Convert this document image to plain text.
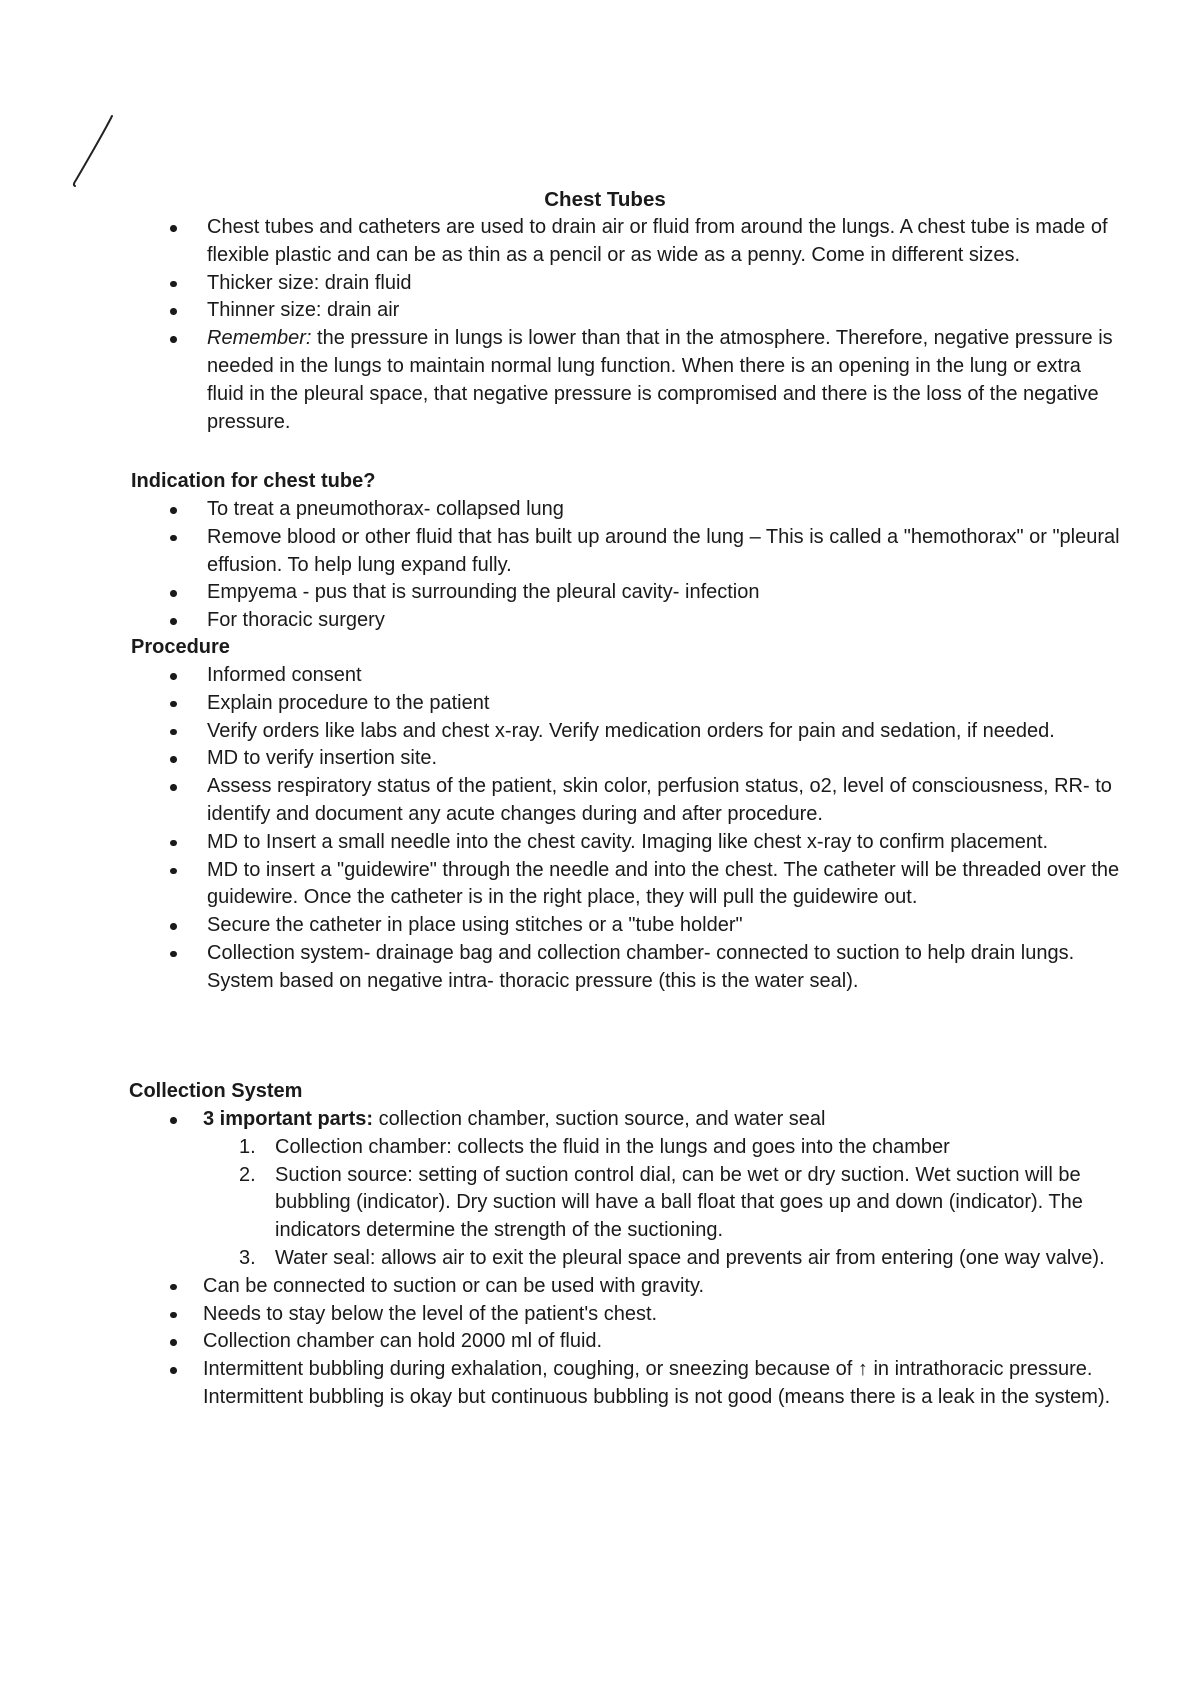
Chest Tubes
Chest tubes and catheters are used to drain air or fluid from around the lungs. A chest tube is made of flexible plastic and can be as thin as a pencil or as wide as a penny. Come in different sizes.
Thicker size: drain fluid
Thinner size: drain air
Remember: the pressure in lungs is lower than that in the atmosphere. Therefore, negative pressure is needed in the lungs to maintain normal lung function. When there is an opening in the lung or extra fluid in the pleural space, that negative pressure is compromised and there is the loss of the negative pressure.
Indication for chest tube?
To treat a pneumothorax- collapsed lung
Remove blood or other fluid that has built up around the lung – This is called a "hemothorax" or "pleural effusion. To help lung expand fully.
Empyema - pus that is surrounding the pleural cavity- infection
For thoracic surgery
Procedure
Informed consent
Explain procedure to the patient
Verify orders like labs and chest x-ray. Verify medication orders for pain and sedation, if needed.
MD to verify insertion site.
Assess respiratory status of the patient, skin color, perfusion status, o2, level of consciousness, RR- to identify and document any acute changes during and after procedure.
MD to Insert a small needle into the chest cavity. Imaging like chest x-ray to confirm placement.
MD to insert a "guidewire" through the needle and into the chest. The catheter will be threaded over the guidewire. Once the catheter is in the right place, they will pull the guidewire out.
Secure the catheter in place using stitches or a "tube holder"
Collection system- drainage bag and collection chamber- connected to suction to help drain lungs. System based on negative intra- thoracic pressure (this is the water seal).
Collection System
3 important parts: collection chamber, suction source, and water seal
1. Collection chamber: collects the fluid in the lungs and goes into the chamber
2. Suction source: setting of suction control dial, can be wet or dry suction. Wet suction will be bubbling (indicator). Dry suction will have a ball float that goes up and down (indicator). The indicators determine the strength of the suctioning.
3. Water seal: allows air to exit the pleural space and prevents air from entering (one way valve).
Can be connected to suction or can be used with gravity.
Needs to stay below the level of the patient's chest.
Collection chamber can hold 2000 ml of fluid.
Intermittent bubbling during exhalation, coughing, or sneezing because of ↑ in intrathoracic pressure. Intermittent bubbling is okay but continuous bubbling is not good (means there is a leak in the system).
